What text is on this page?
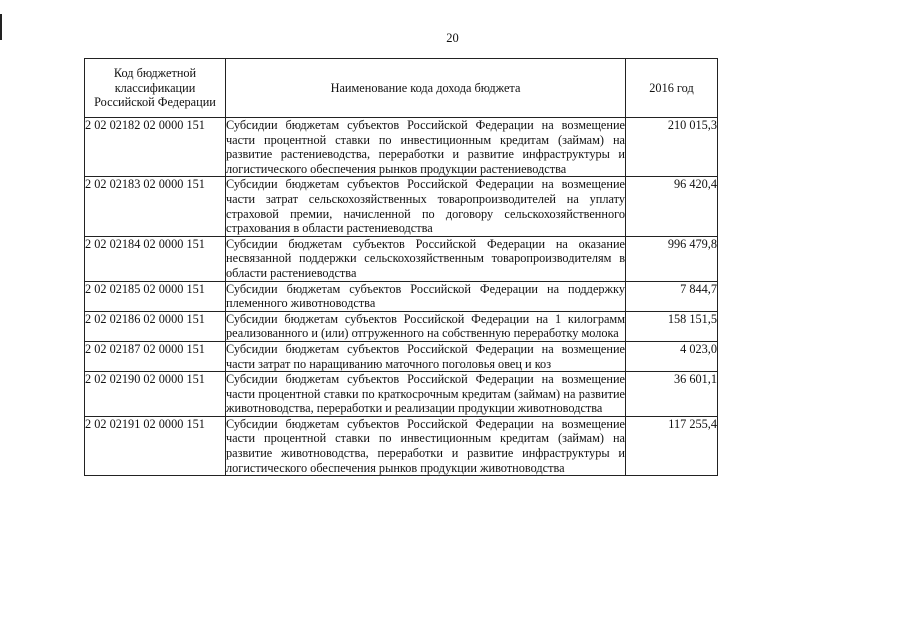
20
Код бюджетной классификации Российской Федерации	Наименование кода дохода бюджета	2016 год
2 02 02182 02 0000 151	Субсидии бюджетам субъектов Российской Федерации на возмещение части процентной ставки по инвестиционным кредитам (займам) на развитие растениеводства, переработки и развитие инфраструктуры и логистического обеспечения рынков продукции растениеводства	210 015,3
2 02 02183 02 0000 151	Субсидии бюджетам субъектов Российской Федерации на возмещение части затрат сельскохозяйственных товаропроизводителей на уплату страховой премии, начисленной по договору сельскохозяйственного страхования в области растениеводства	96 420,4
2 02 02184 02 0000 151	Субсидии бюджетам субъектов Российской Федерации на оказание несвязанной поддержки сельскохозяйственным товаропроизводителям в области растениеводства	996 479,8
2 02 02185 02 0000 151	Субсидии бюджетам субъектов Российской Федерации на поддержку племенного животноводства	7 844,7
2 02 02186 02 0000 151	Субсидии бюджетам субъектов Российской Федерации на 1 килограмм реализованного и (или) отгруженного на собственную переработку молока	158 151,5
2 02 02187 02 0000 151	Субсидии бюджетам субъектов Российской Федерации на возмещение части затрат по наращиванию маточного поголовья овец и коз	4 023,0
2 02 02190 02 0000 151	Субсидии бюджетам субъектов Российской Федерации на возмещение части процентной ставки по краткосрочным кредитам (займам) на развитие животноводства, переработки и реализации продукции животноводства	36 601,1
2 02 02191 02 0000 151	Субсидии бюджетам субъектов Российской Федерации на возмещение части процентной ставки по инвестиционным кредитам (займам) на развитие животноводства, переработки и развитие инфраструктуры и логистического обеспечения рынков продукции животноводства	117 255,4
